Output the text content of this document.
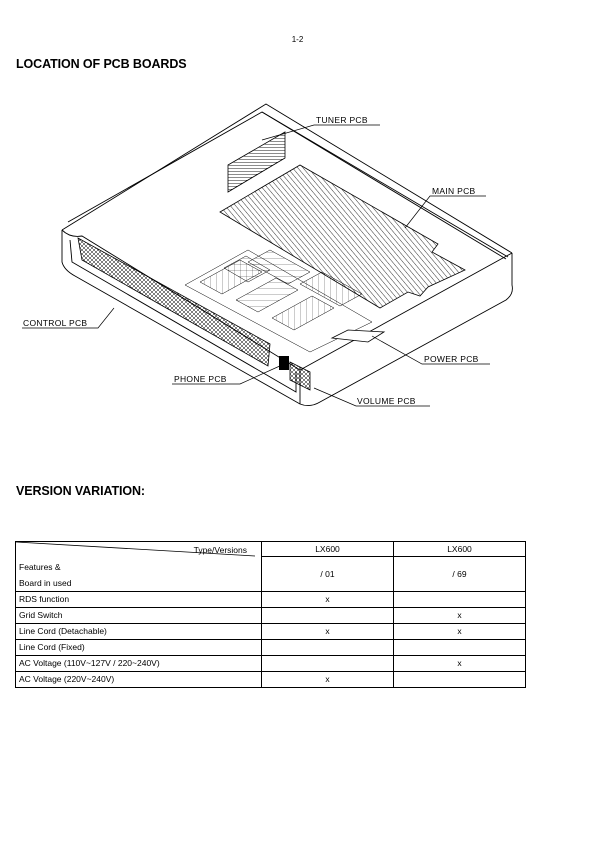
1-2
LOCATION OF PCB BOARDS
TUNER PCB
MAIN PCB
CONTROL PCB
POWER PCB
PHONE PCB
VOLUME PCB
VERSION VARIATION:
Type/Versions
Features &
Board in used	LX600	LX600
	/ 01	/ 69

RDS function	x	
Grid Switch		x
Line Cord (Detachable)	x	x
Line Cord (Fixed)		
AC Voltage (110V~127V / 220~240V)		x
AC Voltage (220V~240V)	x	
